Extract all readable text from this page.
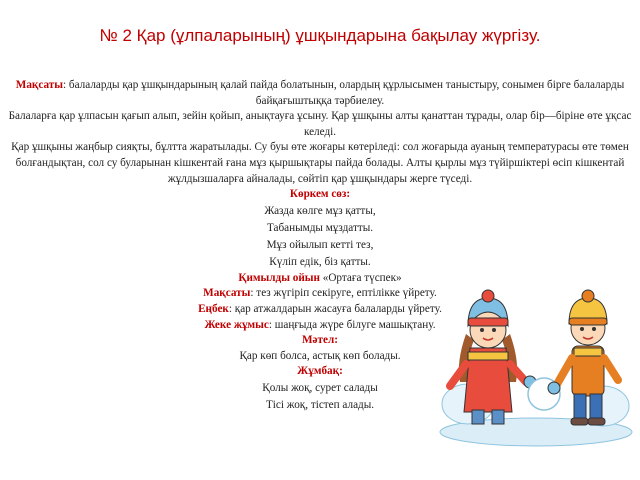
№ 2 Қар (ұлпаларының) ұшқындарына бақылау жүргізу.

Мақсаты: балаларды қар ұшқындарының қалай пайда болатынын, олардың құрлысымен таныстыру, сонымен бірге балаларды байқағыштыққа тәрбиелеу.

Балаларға қар ұлпасын қағып алып, зейін қойып, анықтауға ұсыну. Қар ұшқыны алты қанаттан тұрады, олар бір—біріне өте ұқсас келеді.

Қар ұшқыны жаңбыр сияқты, бұлтта жаратылады. Су буы өте жоғары көтеріледі: сол жоғарыда ауаның температурасы өте төмен болғандықтан, сол су буларынан кішкентай ғана мұз қыршықтары пайда болады. Алты қырлы мұз түйіршіктері өсіп кішкентай жұлдызшаларға айналады, сөйтіп қар ұшқындары жерге түседі.

Көркем сөз:

Жазда көлге мұз қатты,

Табанымды мұздатты.

Мұз ойылып кетті тез,

Күліп едік, біз қатты.

Қимылды ойын «Ортаға түспек»

Мақсаты: тез жүгіріп секіруге, ептілікке үйрету.

Еңбек: қар атжалдарын жасауға балаларды үйрету.

Жеке жұмыс: шаңғыда жүре білуге машықтану.

Мәтел:

Қар көп болса, астық көп болады.

Жұмбақ:

Қолы жоқ, сурет салады

Тісі жоқ, тістеп алады.
